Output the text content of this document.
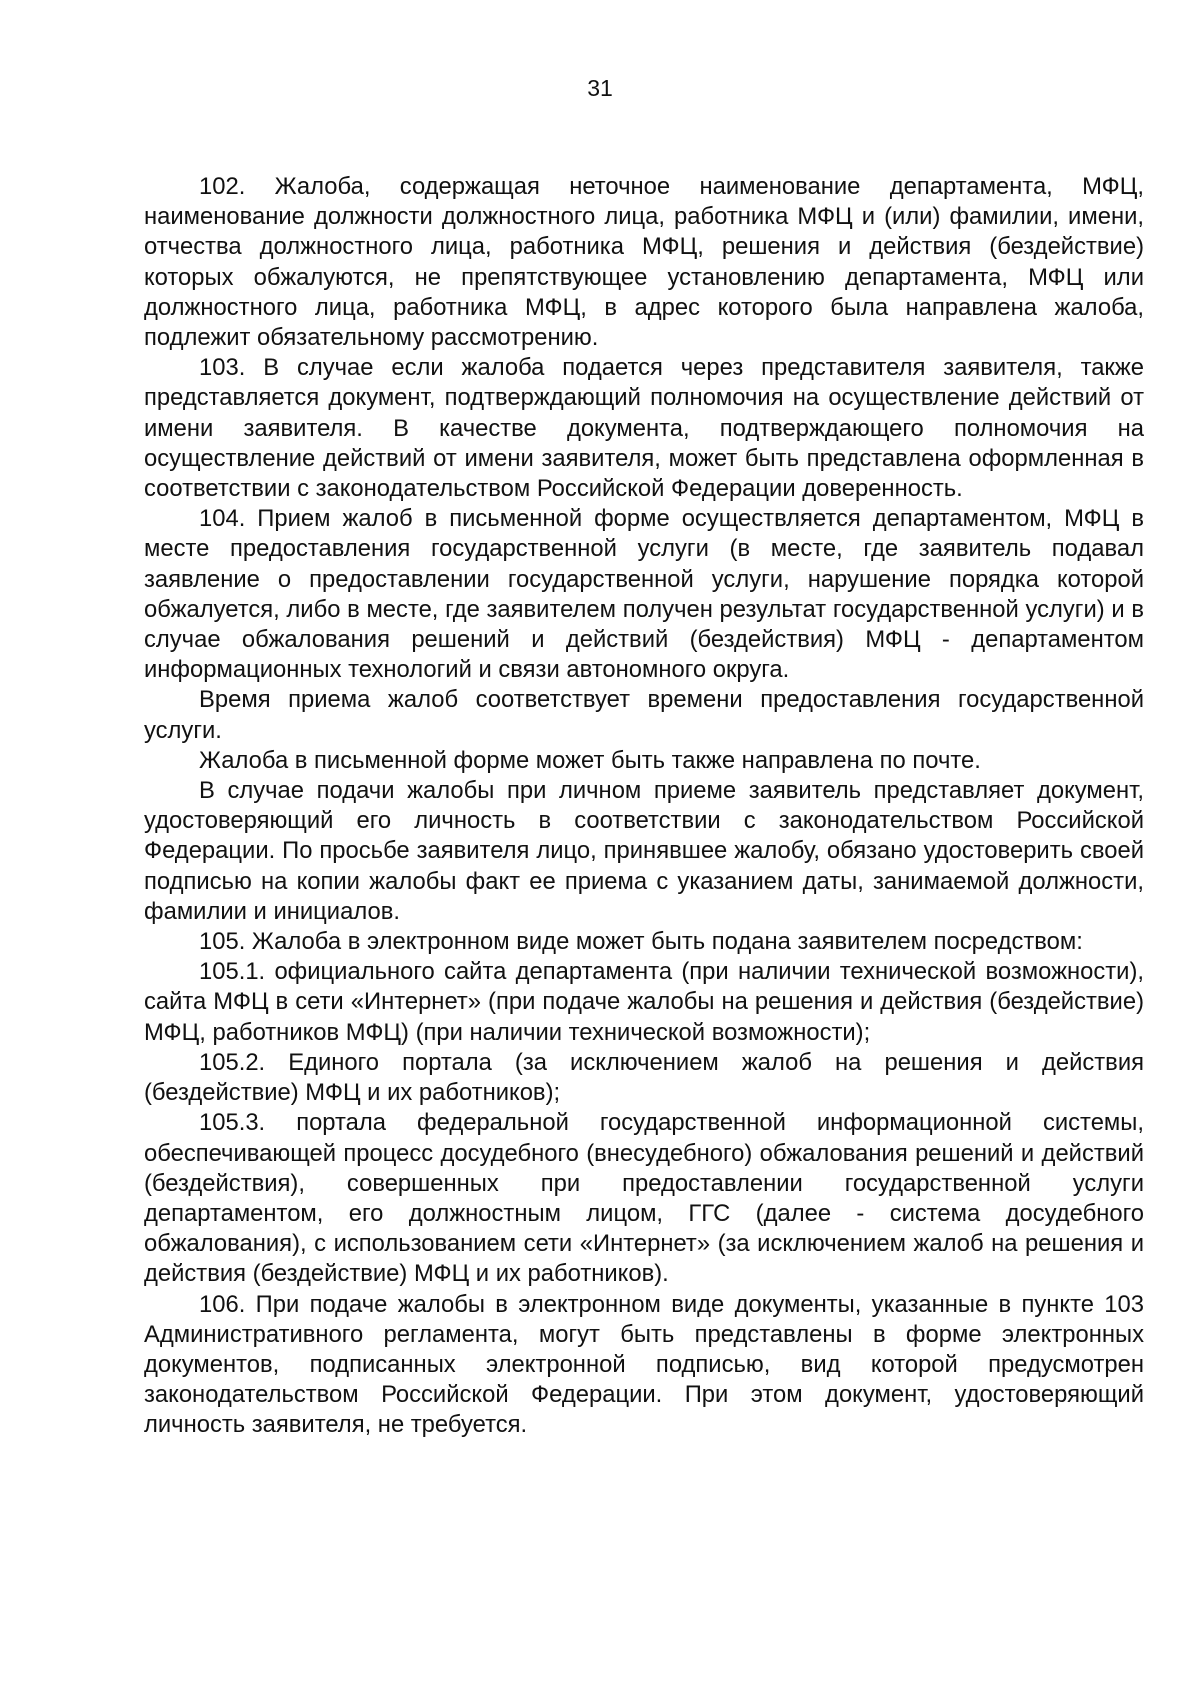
31

102. Жалоба, содержащая неточное наименование департамента, МФЦ, наименование должности должностного лица, работника МФЦ и (или) фамилии, имени, отчества должностного лица, работника МФЦ, решения и действия (бездействие) которых обжалуются, не препятствующее установлению департамента, МФЦ или должностного лица, работника МФЦ, в адрес которого была направлена жалоба, подлежит обязательному рассмотрению.

103. В случае если жалоба подается через представителя заявителя, также представляется документ, подтверждающий полномочия на осуществление действий от имени заявителя. В качестве документа, подтверждающего полномочия на осуществление действий от имени заявителя, может быть представлена оформленная в соответствии с законодательством Российской Федерации доверенность.

104. Прием жалоб в письменной форме осуществляется департаментом, МФЦ в месте предоставления государственной услуги (в месте, где заявитель подавал заявление о предоставлении государственной услуги, нарушение порядка которой обжалуется, либо в месте, где заявителем получен результат государственной услуги) и в случае обжалования решений и действий (бездействия) МФЦ - департаментом информационных технологий и связи автономного округа.

Время приема жалоб соответствует времени предоставления государственной услуги.

Жалоба в письменной форме может быть также направлена по почте.

В случае подачи жалобы при личном приеме заявитель представляет документ, удостоверяющий его личность в соответствии с законодательством Российской Федерации. По просьбе заявителя лицо, принявшее жалобу, обязано удостоверить своей подписью на копии жалобы факт ее приема с указанием даты, занимаемой должности, фамилии и инициалов.

105. Жалоба в электронном виде может быть подана заявителем посредством:

105.1. официального сайта департамента (при наличии технической возможности), сайта МФЦ в сети «Интернет» (при подаче жалобы на решения и действия (бездействие) МФЦ, работников МФЦ) (при наличии технической возможности);

105.2. Единого портала (за исключением жалоб на решения и действия (бездействие) МФЦ и их работников);

105.3. портала федеральной государственной информационной системы, обеспечивающей процесс досудебного (внесудебного) обжалования решений и действий (бездействия), совершенных при предоставлении государственной услуги департаментом, его должностным лицом, ГГС (далее - система досудебного обжалования), с использованием сети «Интернет» (за исключением жалоб на решения и действия (бездействие) МФЦ и их работников).

106. При подаче жалобы в электронном виде документы, указанные в пункте 103 Административного регламента, могут быть представлены в форме электронных документов, подписанных электронной подписью, вид которой предусмотрен законодательством Российской Федерации. При этом документ, удостоверяющий личность заявителя, не требуется.
